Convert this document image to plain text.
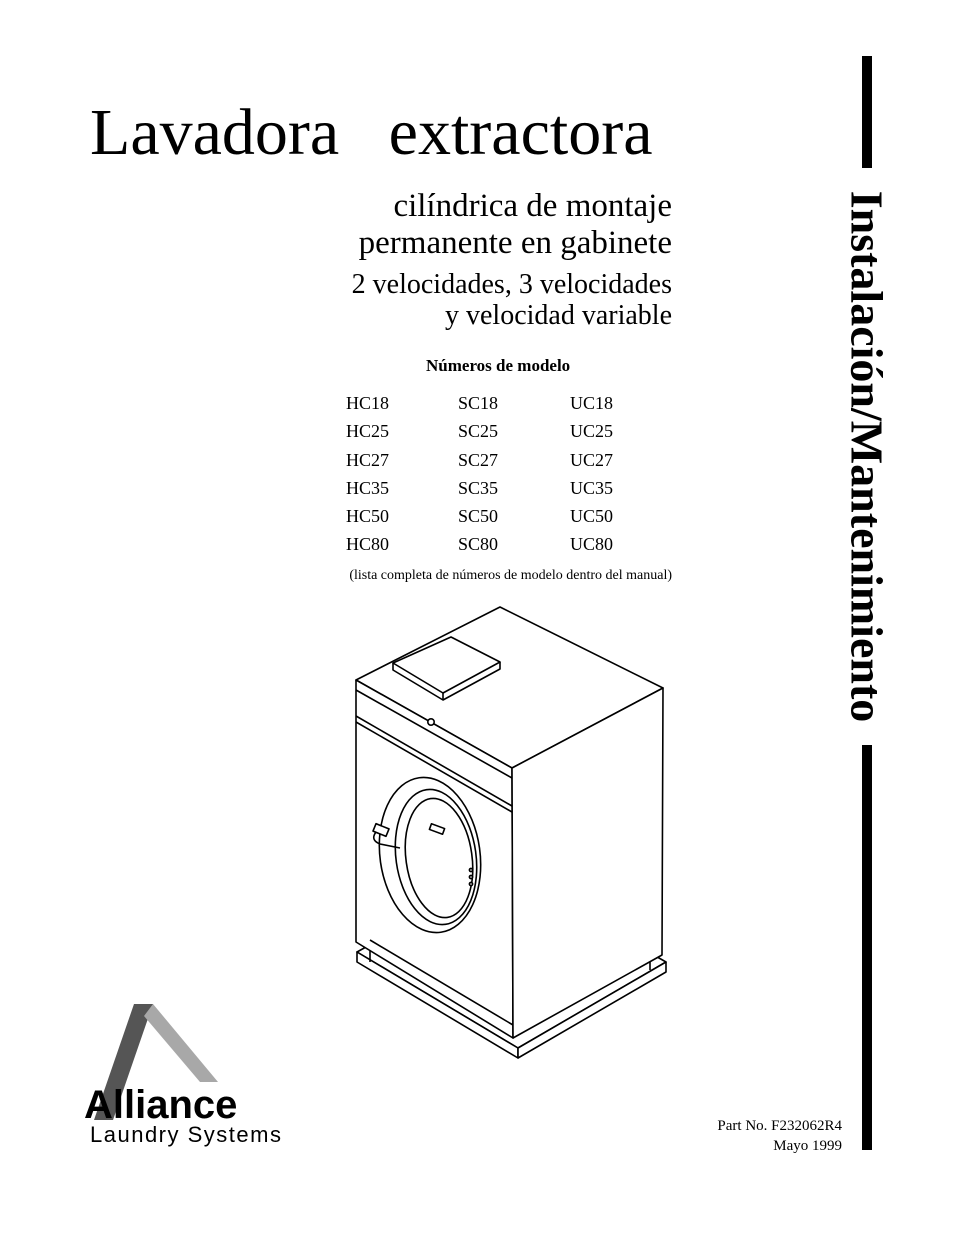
Lavadora   extractora
cilíndrica de montaje
permanente en gabinete
2 velocidades, 3 velocidades
y velocidad variable
Números de modelo
HC18	SC18	UC18
HC25	SC25	UC25
HC27	SC27	UC27
HC35	SC35	UC35
HC50	SC50	UC50
HC80	SC80	UC80
(lista completa de números de modelo dentro del manual)	Instalación/Mantenimiento
Alliance
Laundry Systems	Part No. F232062R4
Mayo 1999
